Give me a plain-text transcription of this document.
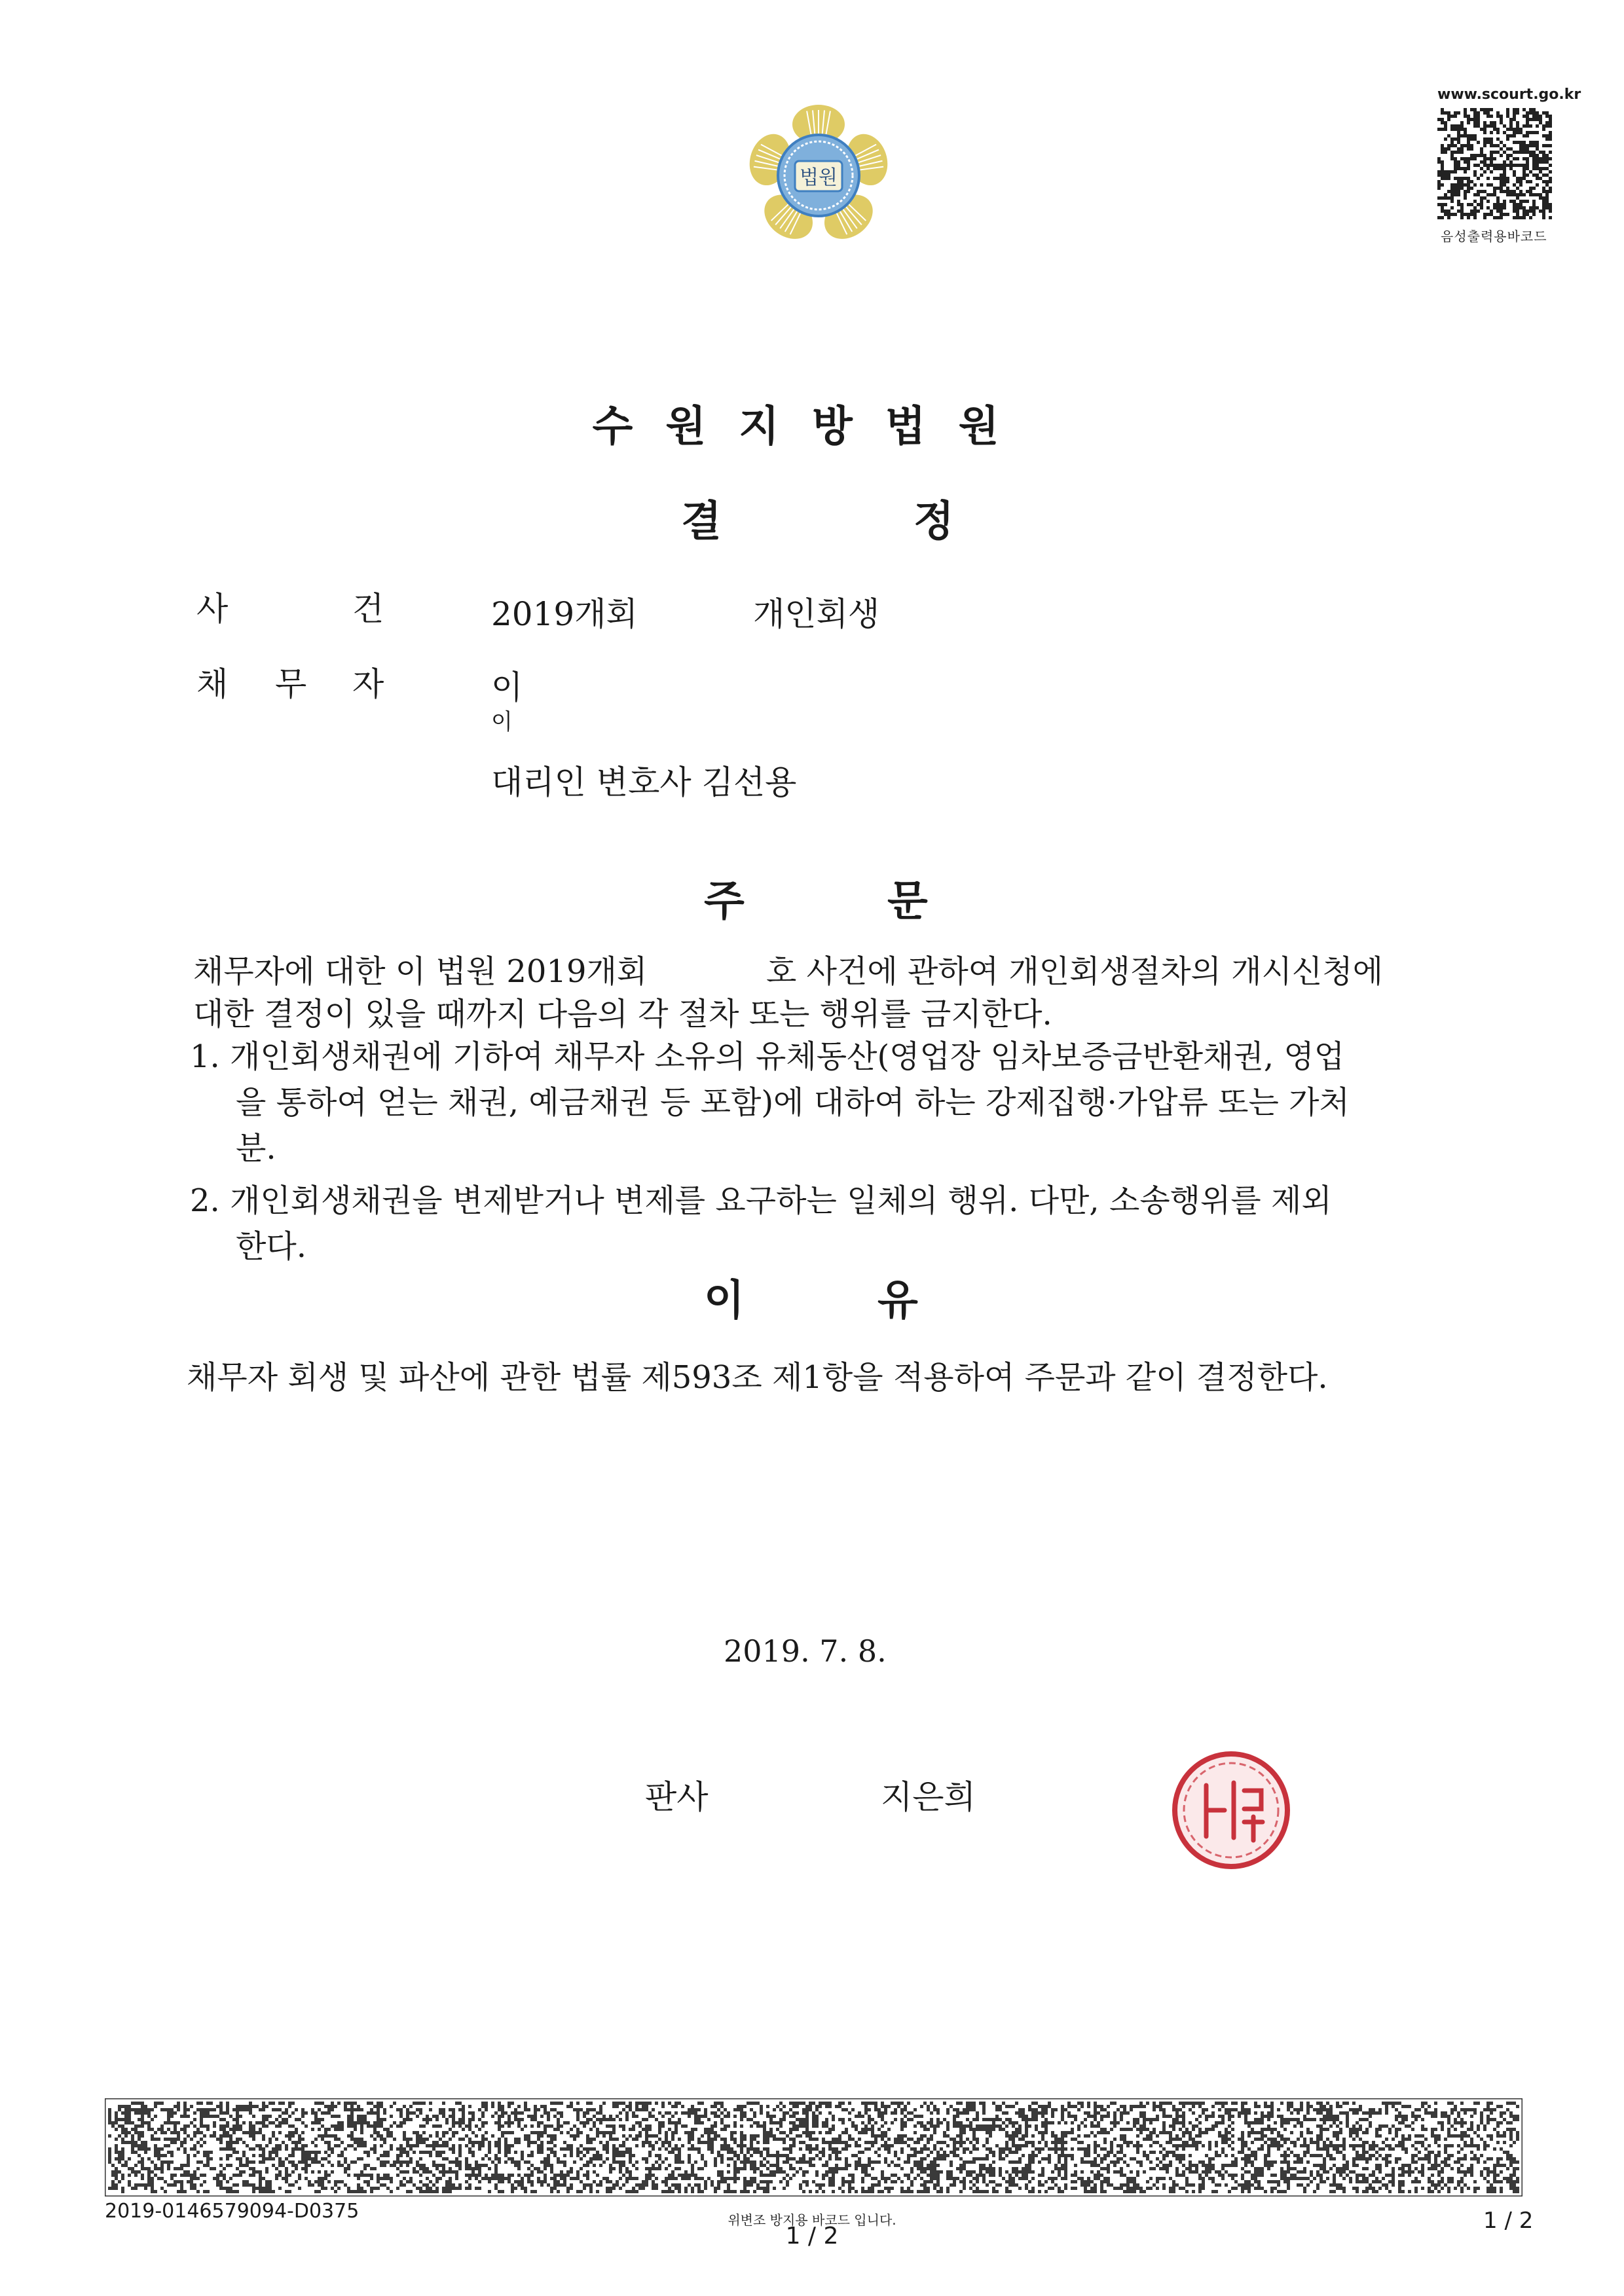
법원
www.scourt.go.kr
음성출력용바코드
수원지방법원
결	정
사	건	2019개회	개인회생
채 무 자	이
이
대리인 변호사 김선용
주	문
채무자에 대한 이 법원 2019개회	호 사건에 관하여 개인회생절차의 개시신청에
대한 결정이 있을 때까지 다음의 각 절차 또는 행위를 금지한다.
1. 개인회생채권에 기하여 채무자 소유의 유체동산(영업장 임차보증금반환채권, 영업
을 통하여 얻는 채권, 예금채권 등 포함)에 대하여 하는 강제집행·가압류 또는 가처
분.
2. 개인회생채권을 변제받거나 변제를 요구하는 일체의 행위. 다만, 소송행위를 제외
한다.
이	유
채무자 회생 및 파산에 관한 법률 제593조 제1항을 적용하여 주문과 같이 결정한다.
2019. 7. 8.
판사	지은희
2019-0146579094-D0375	위변조 방지용 바코드 입니다.
1 / 2
1 / 2
